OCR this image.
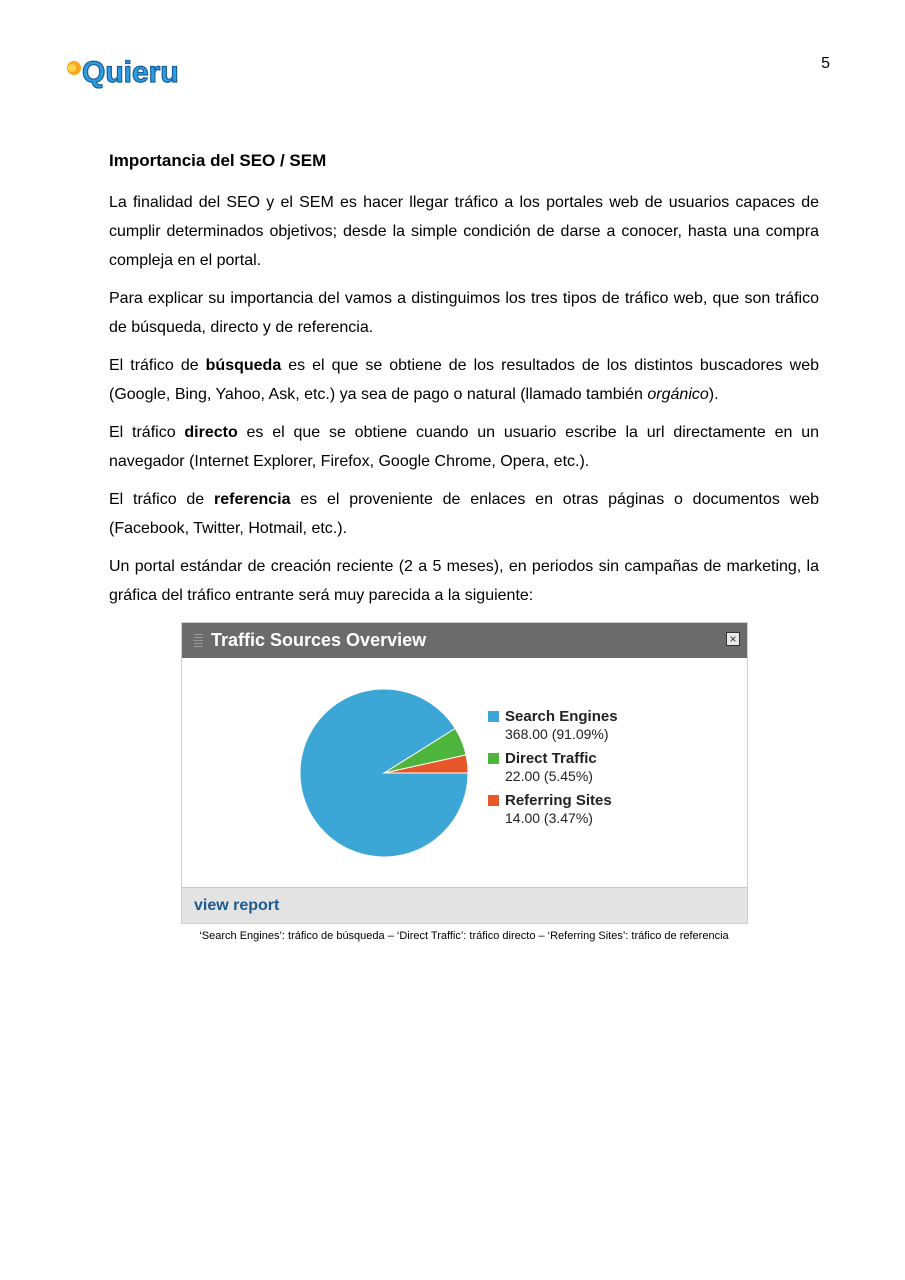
Quieru	5
Importancia del SEO / SEM

La finalidad del SEO y el SEM es hacer llegar tráfico a los portales web de usuarios capaces de cumplir determinados objetivos; desde la simple condición de darse a conocer, hasta una compra compleja en el portal.

Para explicar su importancia del vamos a distinguimos los tres tipos de tráfico web, que son tráfico de búsqueda, directo y de referencia.

El tráfico de búsqueda es el que se obtiene de los resultados de los distintos buscadores web (Google, Bing, Yahoo, Ask, etc.) ya sea de pago o natural (llamado también orgánico).

El tráfico directo es el que se obtiene cuando un usuario escribe la url directamente en un navegador (Internet Explorer, Firefox, Google Chrome, Opera, etc.).

El tráfico de referencia es el proveniente de enlaces en otras páginas o documentos web (Facebook, Twitter, Hotmail, etc.).

Un portal estándar de creación reciente (2 a 5 meses), en periodos sin campañas de marketing, la gráfica del tráfico entrante será muy parecida a la siguiente:

Traffic Sources Overview	×
Search Engines
368.00 (91.09%)
Direct Traffic
22.00 (5.45%)
Referring Sites
14.00 (3.47%)
view report
‘Search Engines’: tráfico de búsqueda – ‘Direct Traffic’: tráfico directo – ‘Referring Sites’: tráfico de referencia
